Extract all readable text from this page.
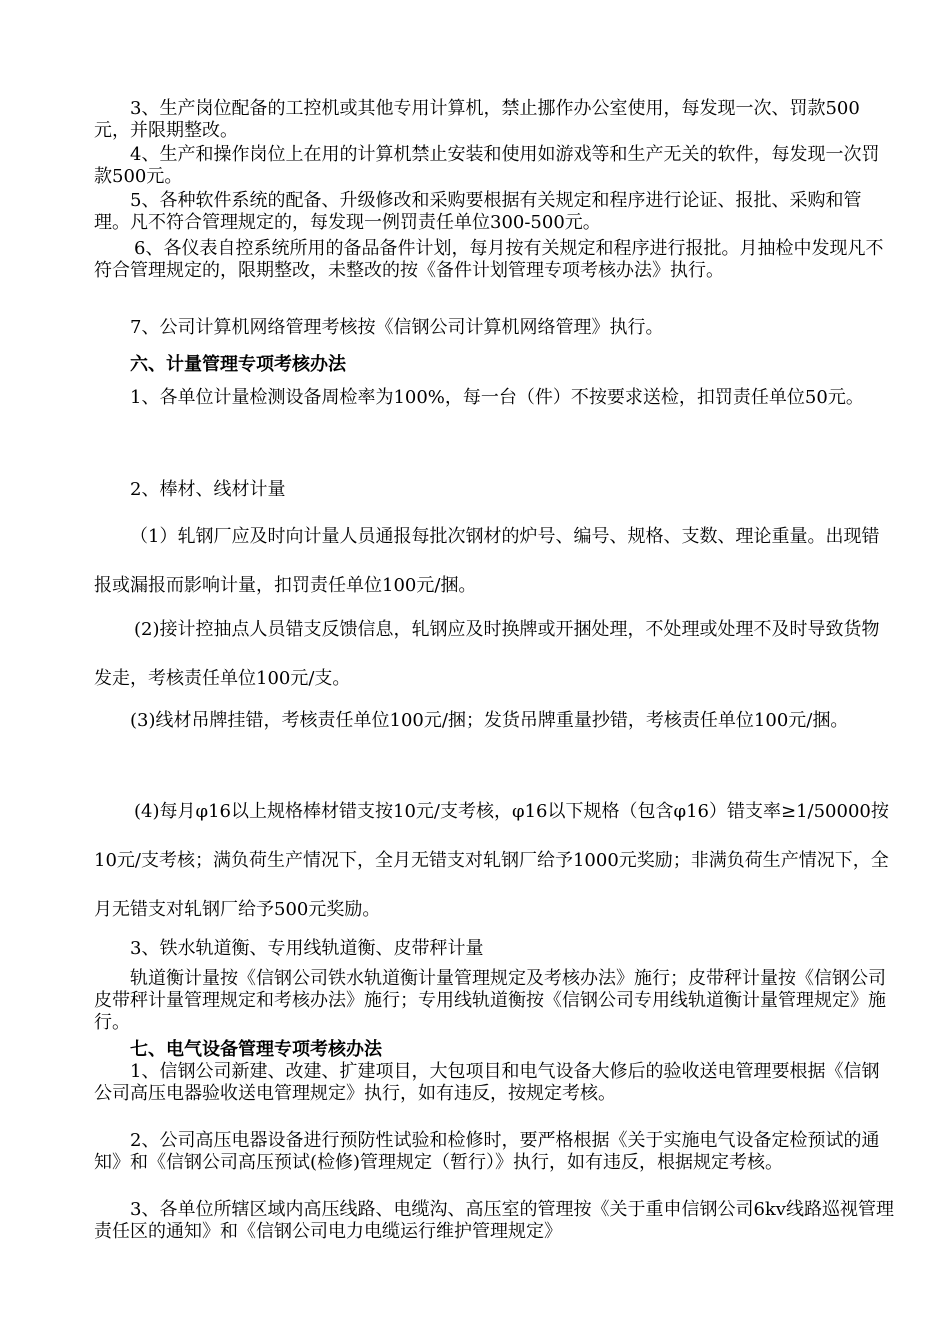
3、生产岗位配备的工控机或其他专用计算机，禁止挪作办公室使用，每发现一次、罚款500元，并限期整改。

4、生产和操作岗位上在用的计算机禁止安装和使用如游戏等和生产无关的软件，每发现一次罚款500元。

5、各种软件系统的配备、升级修改和采购要根据有关规定和程序进行论证、报批、采购和管理。凡不符合管理规定的，每发现一例罚责任单位300-500元。

6、各仪表自控系统所用的备品备件计划，每月按有关规定和程序进行报批。月抽检中发现凡不符合管理规定的，限期整改，未整改的按《备件计划管理专项考核办法》执行。

7、公司计算机网络管理考核按《信钢公司计算机网络管理》执行。

六、计量管理专项考核办法

1、各单位计量检测设备周检率为100%，每一台（件）不按要求送检，扣罚责任单位50元。

2、棒材、线材计量

（1）轧钢厂应及时向计量人员通报每批次钢材的炉号、编号、规格、支数、理论重量。出现错报或漏报而影响计量，扣罚责任单位100元/捆。

(2)接计控抽点人员错支反馈信息，轧钢应及时换牌或开捆处理，不处理或处理不及时导致货物发走，考核责任单位100元/支。

(3)线材吊牌挂错，考核责任单位100元/捆；发货吊牌重量抄错，考核责任单位100元/捆。

(4)每月φ16以上规格棒材错支按10元/支考核，φ16以下规格（包含φ16）错支率≥1/50000按10元/支考核；满负荷生产情况下，全月无错支对轧钢厂给予1000元奖励；非满负荷生产情况下，全月无错支对轧钢厂给予500元奖励。

3、铁水轨道衡、专用线轨道衡、皮带秤计量

轨道衡计量按《信钢公司铁水轨道衡计量管理规定及考核办法》施行；皮带秤计量按《信钢公司皮带秤计量管理规定和考核办法》施行；专用线轨道衡按《信钢公司专用线轨道衡计量管理规定》施行。

七、电气设备管理专项考核办法

1、信钢公司新建、改建、扩建项目，大包项目和电气设备大修后的验收送电管理要根据《信钢公司高压电器验收送电管理规定》执行，如有违反，按规定考核。

2、公司高压电器设备进行预防性试验和检修时，要严格根据《关于实施电气设备定检预试的通知》和《信钢公司高压预试(检修)管理规定（暂行）》执行，如有违反，根据规定考核。

3、各单位所辖区域内高压线路、电缆沟、高压室的管理按《关于重申信钢公司6kv线路巡视管理责任区的通知》和《信钢公司电力电缆运行维护管理规定》
